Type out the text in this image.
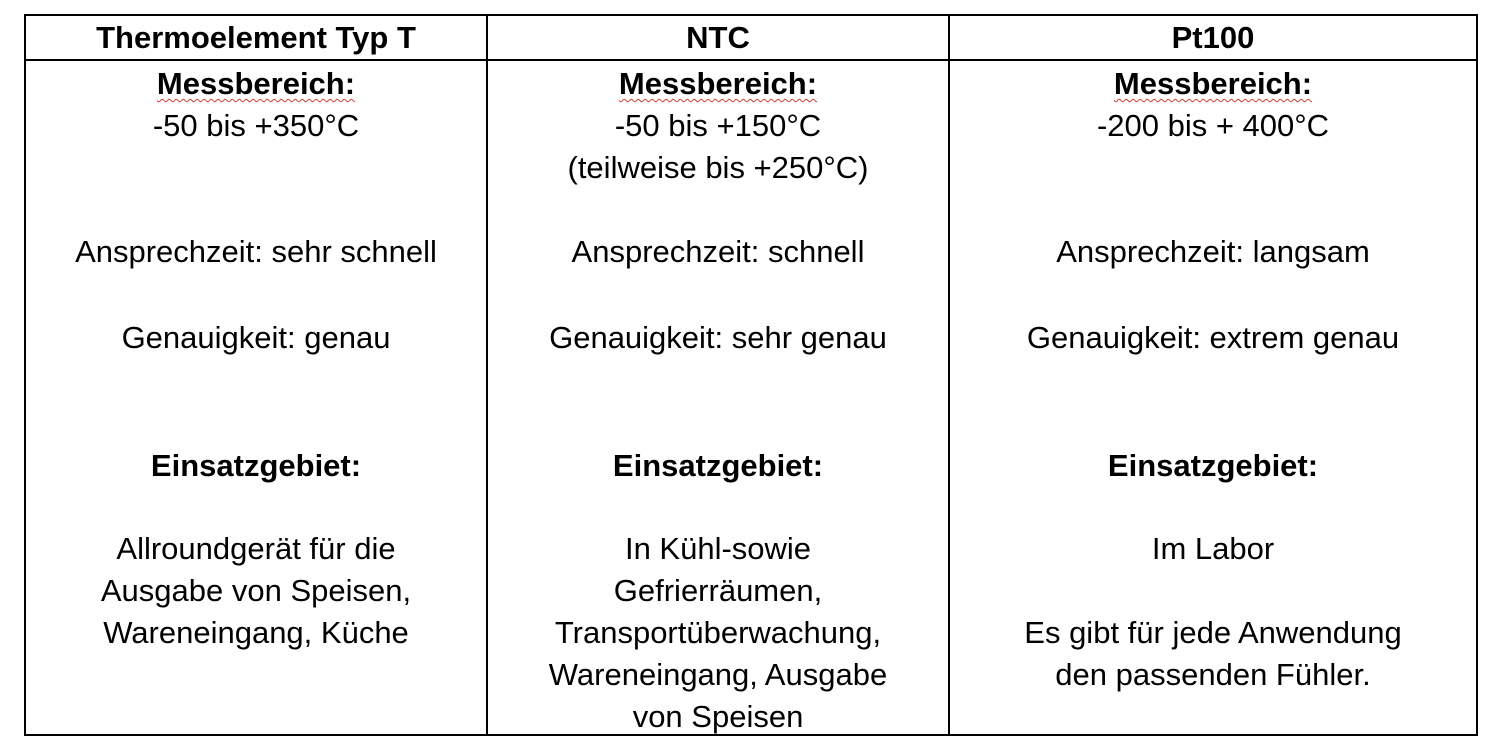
Thermoelement Typ T	NTC	Pt100
Messbereich:
-50 bis +350°C
Ansprechzeit: sehr schnell
Genauigkeit: genau
Einsatzgebiet:
Allroundgerät für die
Ausgabe von Speisen,
Wareneingang, Küche
Messbereich:
-50 bis +150°C
(teilweise bis +250°C)
Ansprechzeit: schnell
Genauigkeit: sehr genau
Einsatzgebiet:
In Kühl-sowie
Gefrierräumen,
Transportüberwachung,
Wareneingang, Ausgabe
von Speisen
Messbereich:
-200 bis + 400°C
Ansprechzeit: langsam
Genauigkeit: extrem genau
Einsatzgebiet:
Im Labor
Es gibt für jede Anwendung
den passenden Fühler.
